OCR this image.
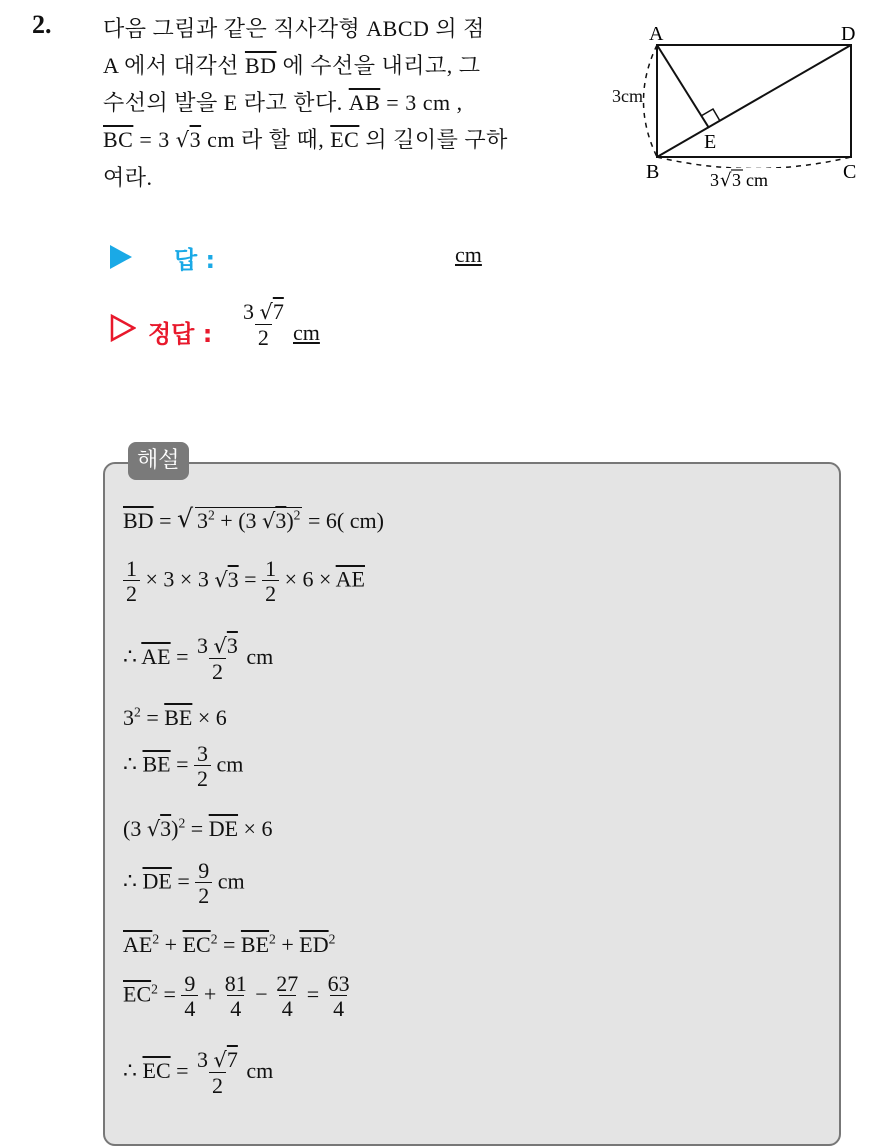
2. 다음 그림과 같은 직사각형 ABCD 의 점
A 에서 대각선 $\overline{BD}$ 에 수선을 내리고, 그
수선의 발을 E 라고 한다. $\overline{AB} = 3$ cm ,
$\overline{BC} = 3$ √3 cm 라 할 때, $\overline{EC}$ 의 길이를 구하
여라.
A	D
B	C
E
3cm
3 √ 3 cm
답 :	cm
정답 : $\frac{3 √7}{2}$ cm
해설
$\overline{BD}$ = √ $3^2 + (3$ √3)$^2$ = 6( cm)
$\frac{1}{2} \times 3 \times 3$ $√3 = \frac{1}{2} \times 6 \times \overline{AE}$
∴ $\overline{AE} = \frac{3 √3}{2}$ cm
$3^2 = \overline{BE} \times 6$
∴ $\overline{BE} = \frac{3}{2}$ cm
(3 $√3)^2 = \overline{DE} \times 6$
∴ $\overline{DE} = \frac{9}{2}$ cm
$\overline{AE}^2 + \overline{EC}^2 = \overline{BE}^2 + \overline{ED}^2$
$\overline{EC}^2 = \frac{9}{4} + \frac{81}{4} - \frac{27}{4} = \frac{63}{4}$
∴ $\overline{EC} = \frac{3 √7}{2}$ cm
